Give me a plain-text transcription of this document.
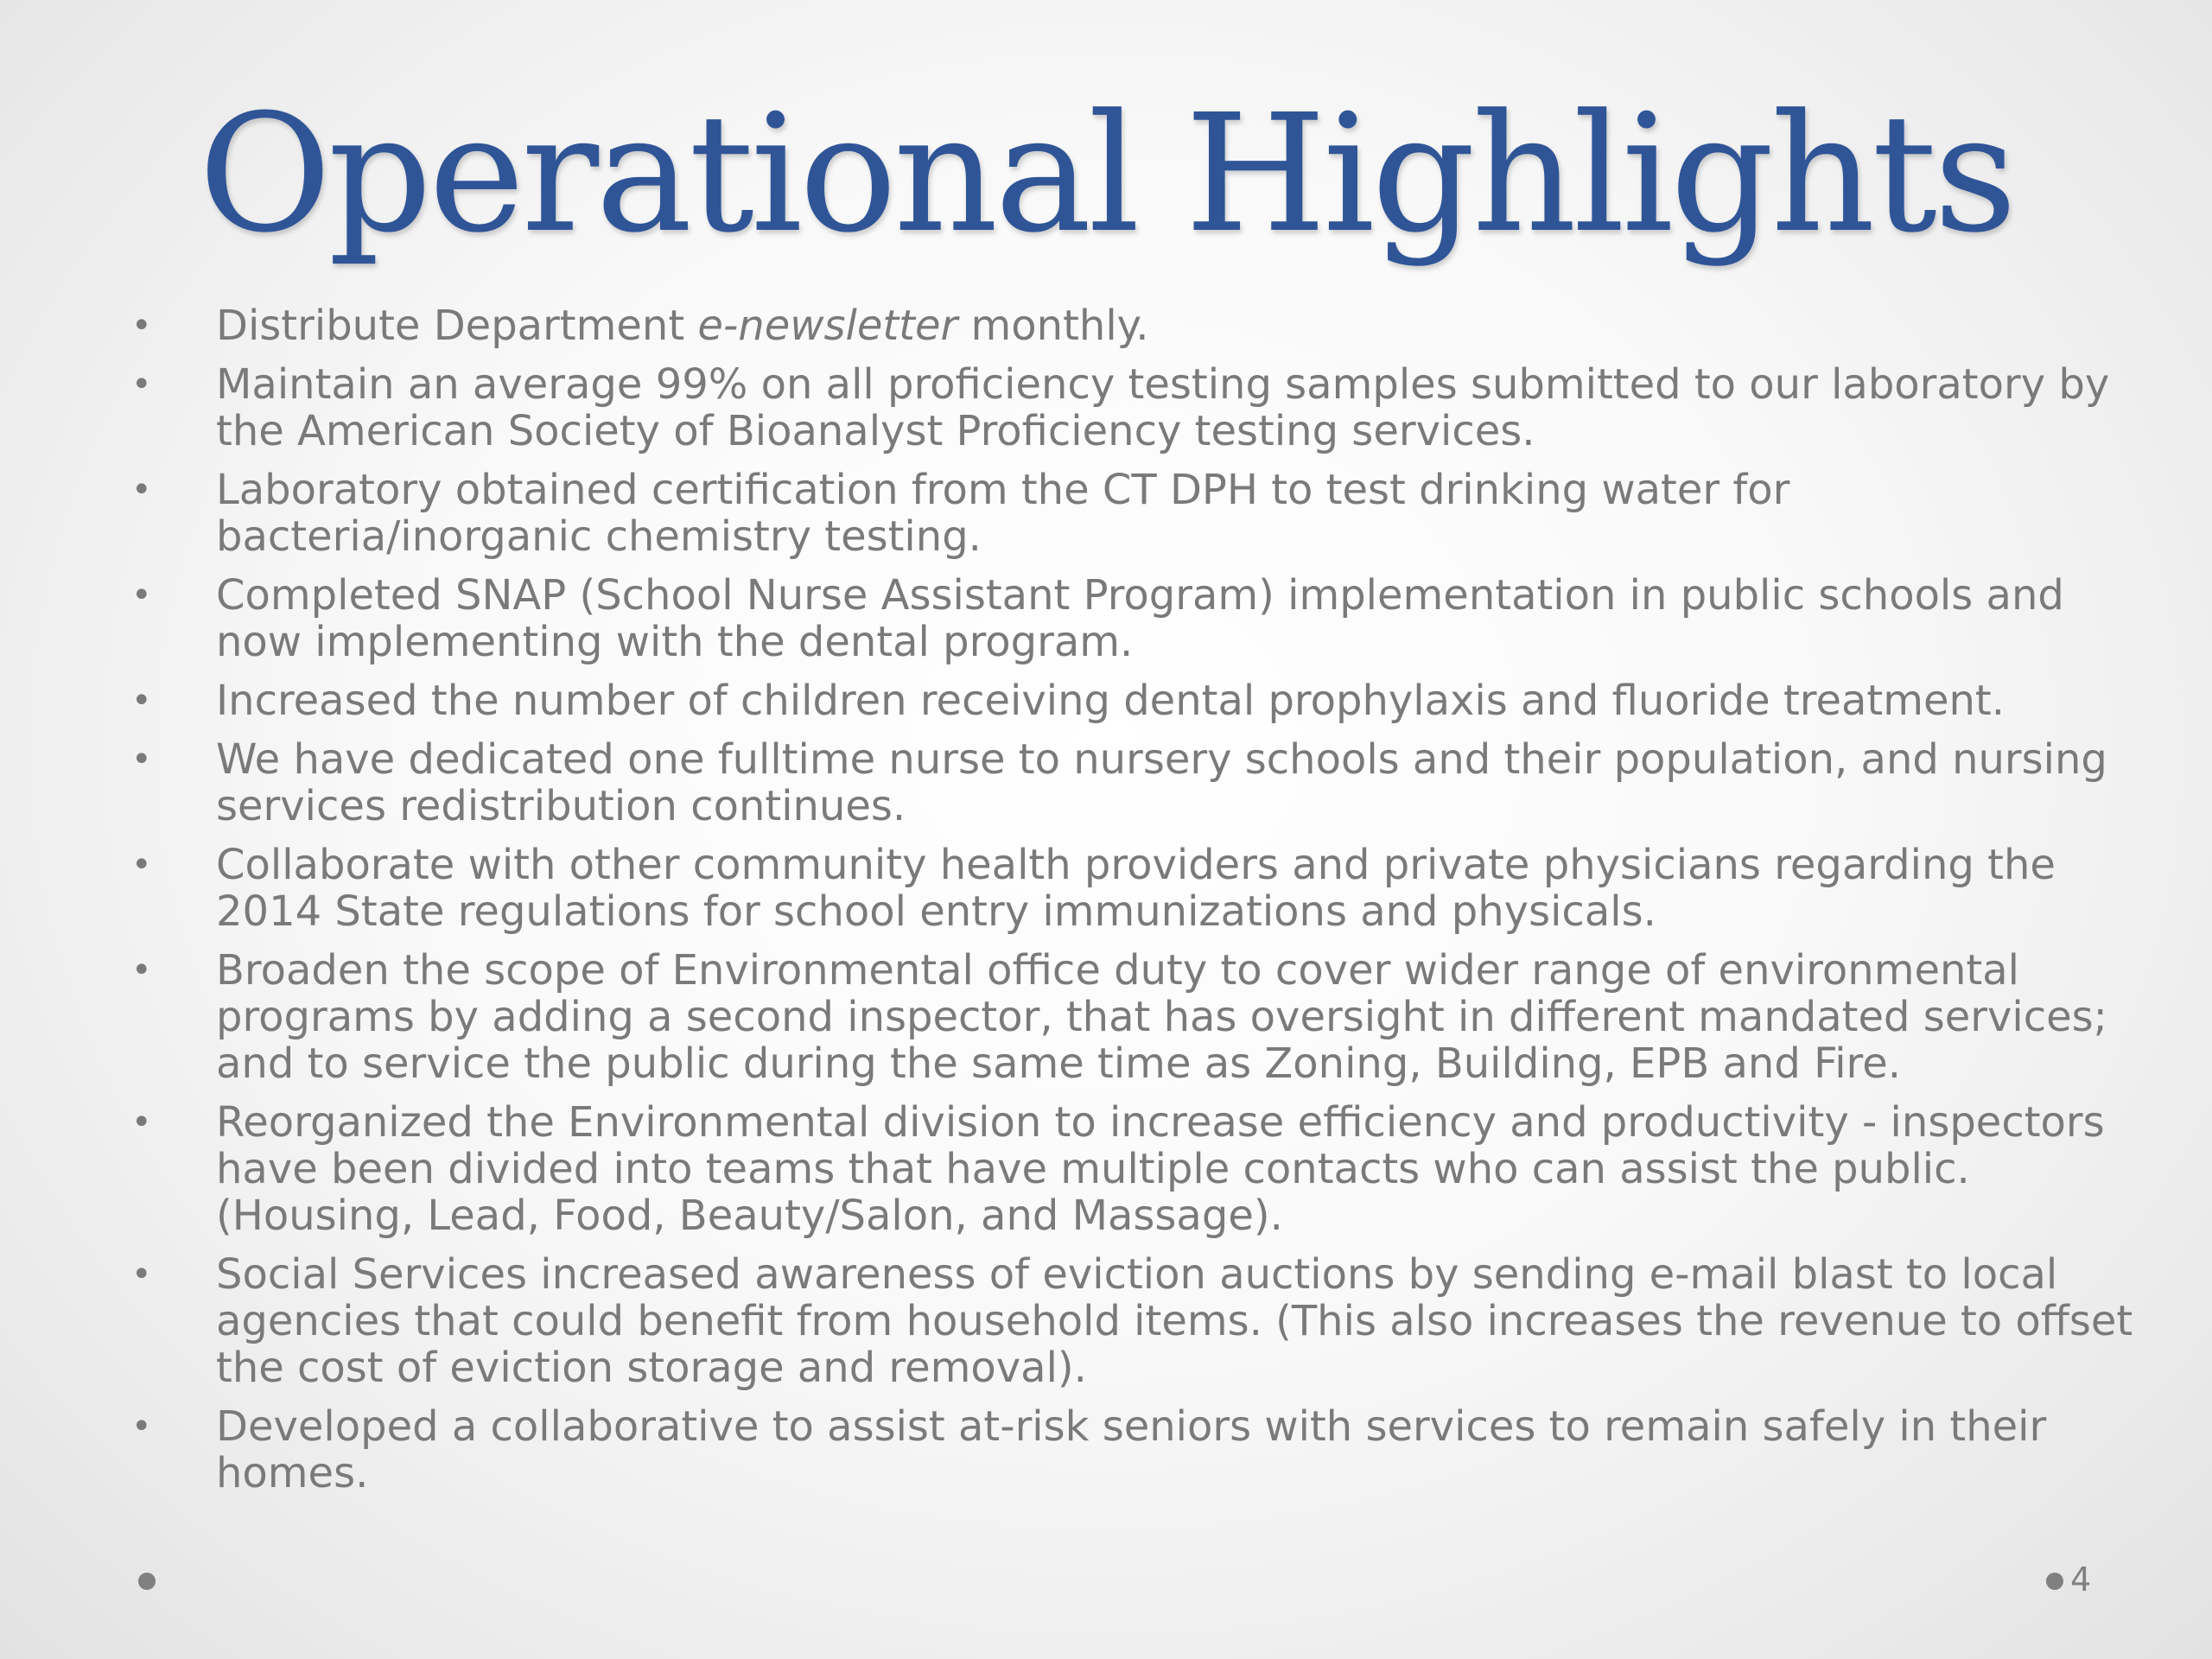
Operational Highlights
• Distribute Department e-newsletter monthly.
• Maintain an average 99% on all proficiency testing samples submitted to our laboratory by the American Society of Bioanalyst Proficiency testing services.
• Laboratory obtained certification from the CT DPH to test drinking water for bacteria/inorganic chemistry testing.
• Completed SNAP (School Nurse Assistant Program) implementation in public schools and now implementing with the dental program.
• Increased the number of children receiving dental prophylaxis and fluoride treatment.
• We have dedicated one fulltime nurse to nursery schools and their population, and nursing services redistribution continues.
• Collaborate with other community health providers and private physicians regarding the 2014 State regulations for school entry immunizations and physicals.
• Broaden the scope of Environmental office duty to cover wider range of environmental programs by adding a second inspector, that has oversight in different mandated services; and to service the public during the same time as Zoning, Building, EPB and Fire.
• Reorganized the Environmental division to increase efficiency and productivity - inspectors have been divided into teams that have multiple contacts who can assist the public. (Housing, Lead, Food, Beauty/Salon, and Massage).
• Social Services increased awareness of eviction auctions by sending e-mail blast to local agencies that could benefit from household items. (This also increases the revenue to offset the cost of eviction storage and removal).
• Developed a collaborative to assist at-risk seniors with services to remain safely in their homes.
4
